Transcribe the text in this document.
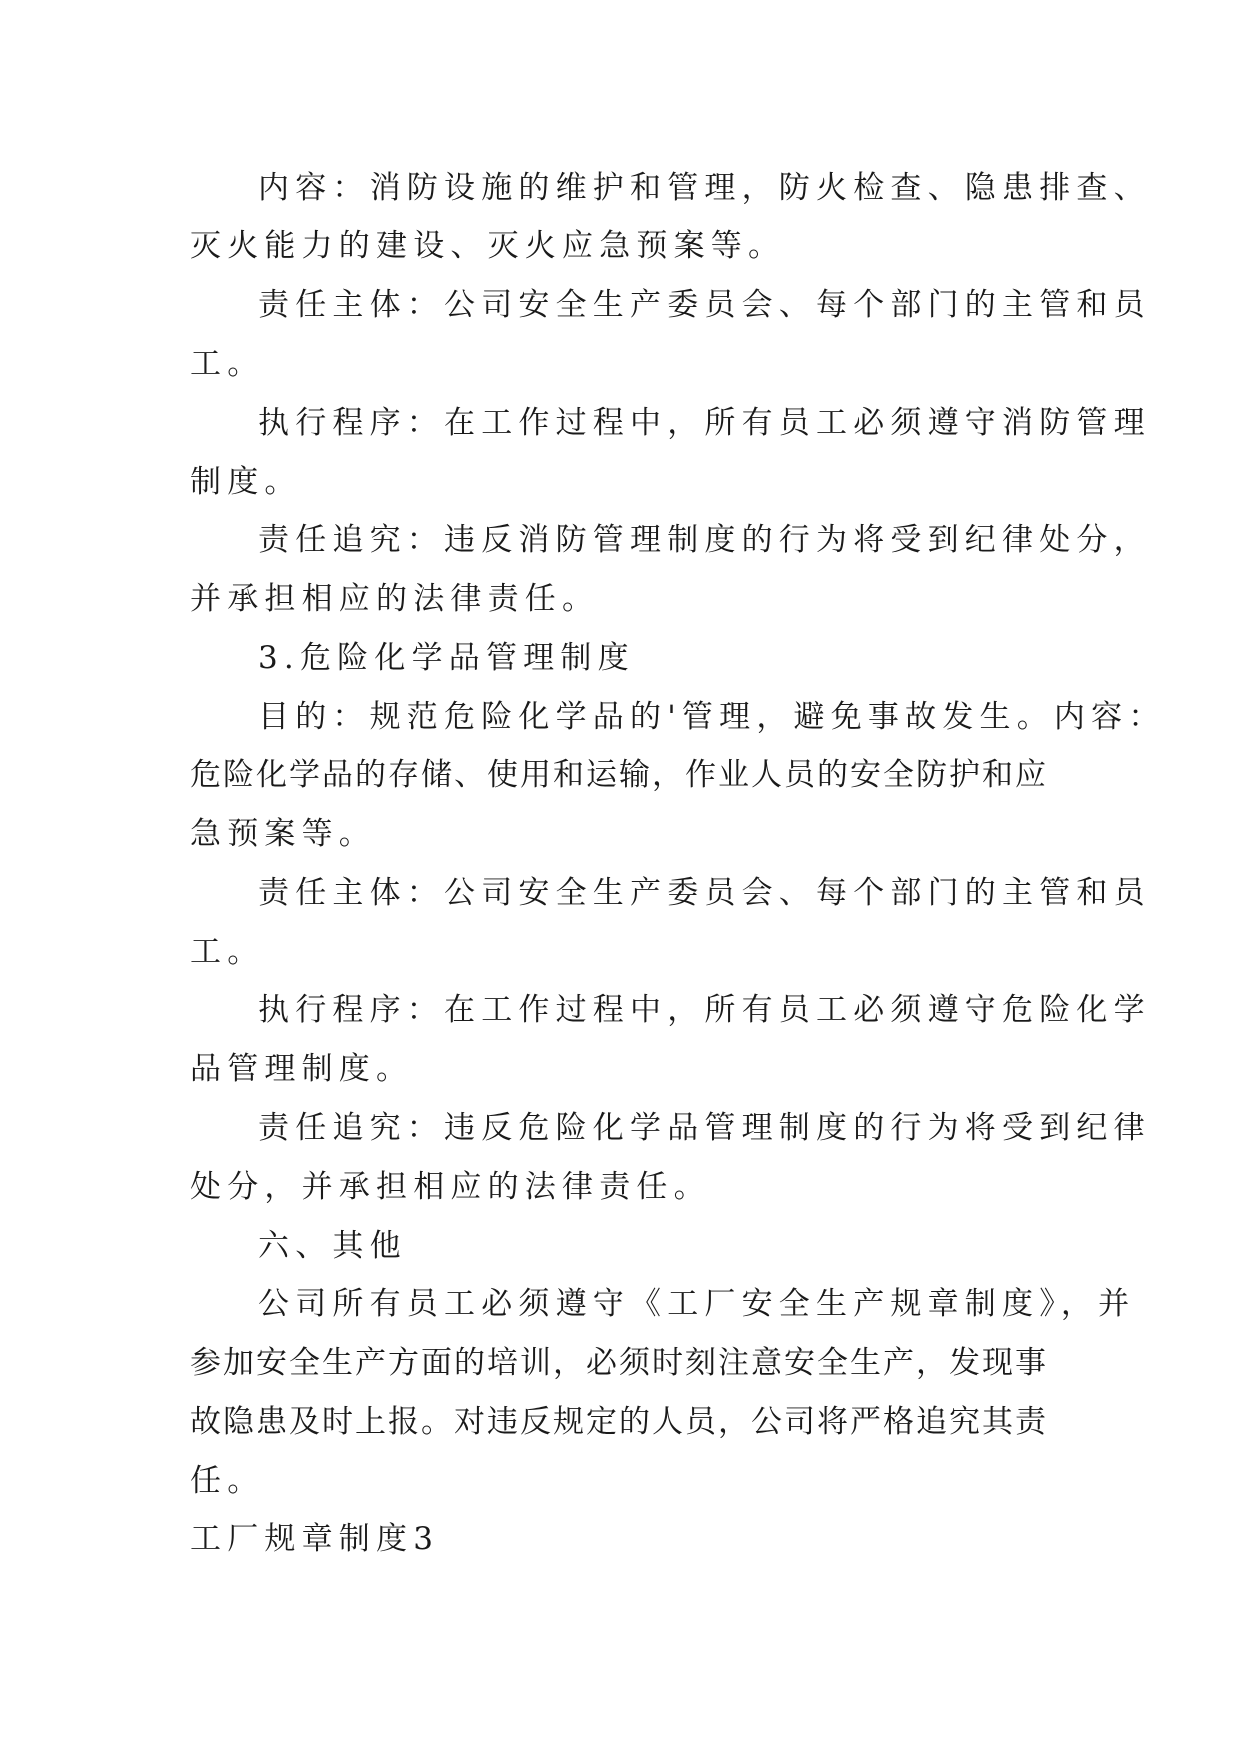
内容：消防设施的维护和管理，防火检查、隐患排查、
灭火能力的建设、灭火应急预案等。
责任主体：公司安全生产委员会、每个部门的主管和员
工。
执行程序：在工作过程中，所有员工必须遵守消防管理
制度。
责任追究：违反消防管理制度的行为将受到纪律处分，
并承担相应的法律责任。
3.危险化学品管理制度
目的：规范危险化学品的'管理，避免事故发生。内容：
危险化学品的存储、使用和运输，作业人员的安全防护和应
急预案等。
责任主体：公司安全生产委员会、每个部门的主管和员
工。
执行程序：在工作过程中，所有员工必须遵守危险化学
品管理制度。
责任追究：违反危险化学品管理制度的行为将受到纪律
处分，并承担相应的法律责任。
六、其他
公司所有员工必须遵守《工厂安全生产规章制度》，并
参加安全生产方面的培训，必须时刻注意安全生产，发现事
故隐患及时上报。对违反规定的人员，公司将严格追究其责
任。
工厂规章制度3
